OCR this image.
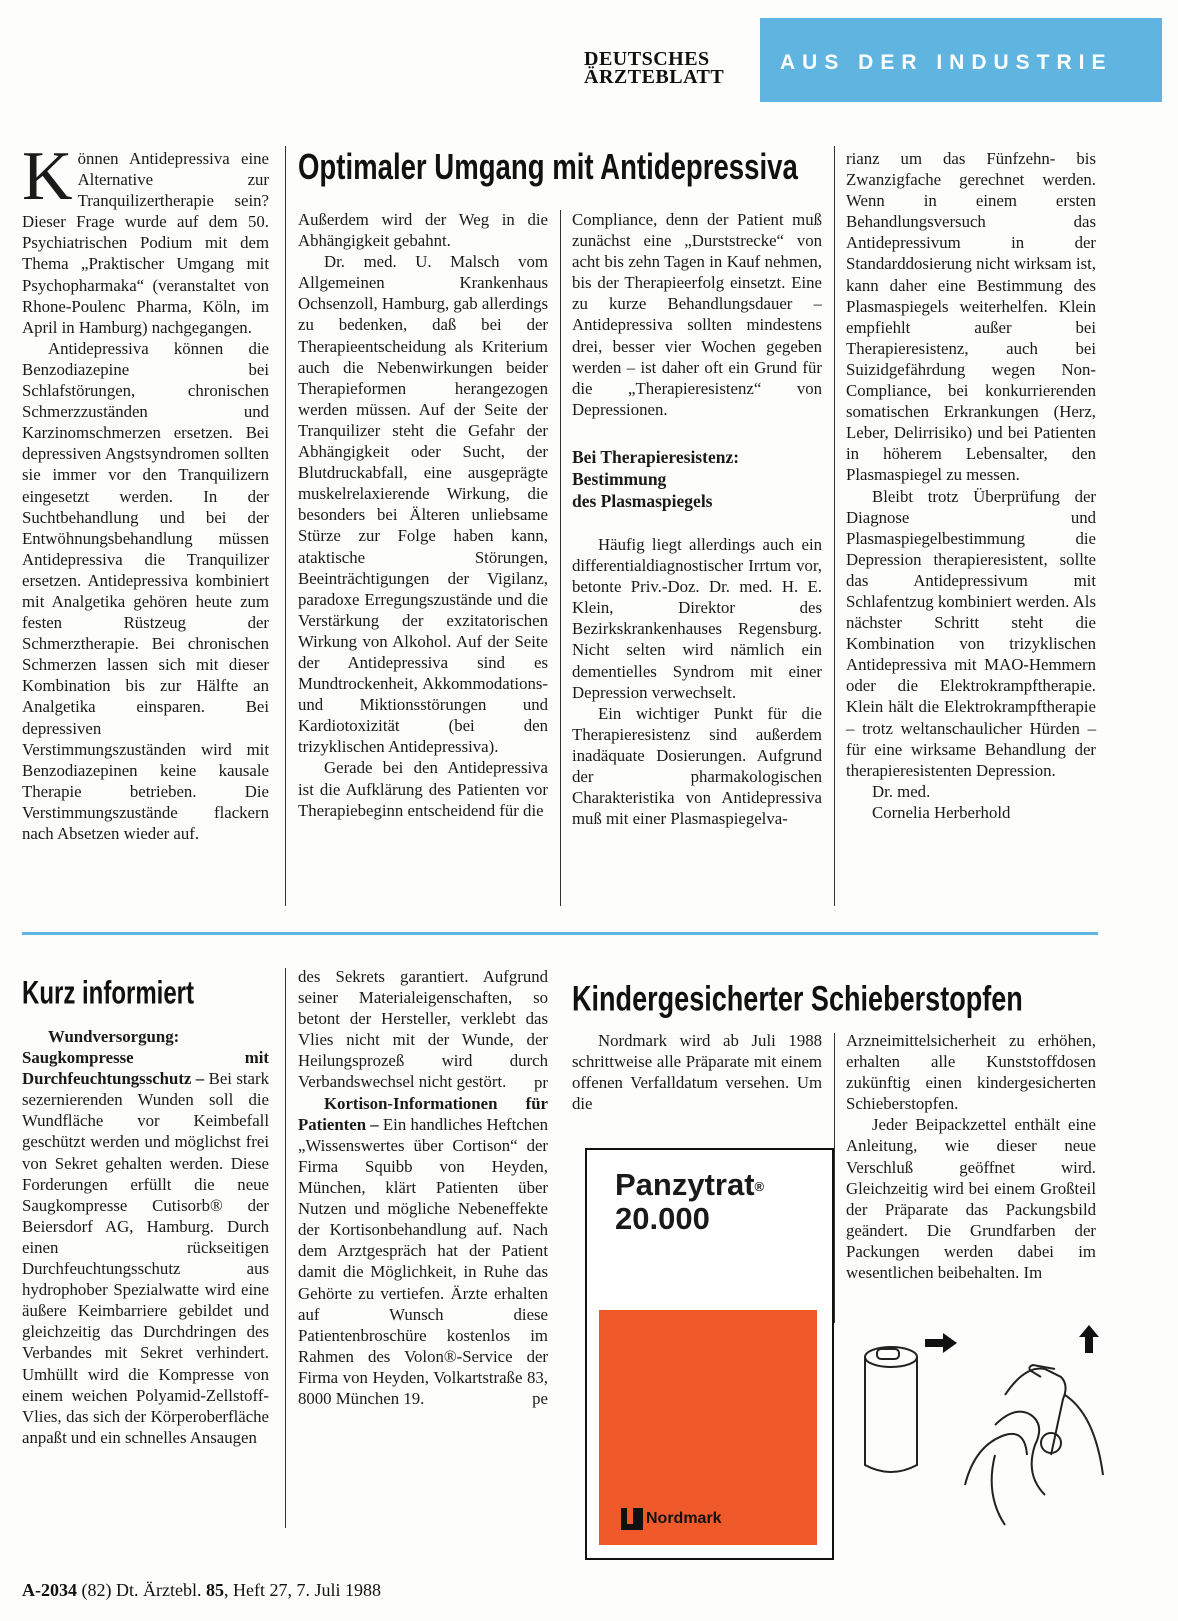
DEUTSCHES
ÄRZTEBLATT
AUS DER INDUSTRIE
Optimaler Umgang mit Antidepressiva
K önnen Antidepressiva eine Alternative zur Tranquilizertherapie sein? Dieser Frage wurde auf dem 50. Psychiatrischen Podium mit dem Thema „Praktischer Umgang mit Psychopharmaka“ (veranstaltet von Rhone-Poulenc Pharma, Köln, im April in Hamburg) nachgegangen.

Antidepressiva können die Benzodiazepine bei Schlafstörungen, chronischen Schmerzzuständen und Karzinomschmerzen ersetzen. Bei depressiven Angstsyndromen sollten sie immer vor den Tranquilizern eingesetzt werden. In der Suchtbehandlung und bei der Entwöhnungsbehandlung müssen Antidepressiva die Tranquilizer ersetzen. Antidepressiva kombiniert mit Analgetika gehören heute zum festen Rüstzeug der Schmerztherapie. Bei chronischen Schmerzen lassen sich mit dieser Kombination bis zur Hälfte an Analgetika einsparen. Bei depressiven Verstimmungszuständen wird mit Benzodiazepinen keine kausale Therapie betrieben. Die Verstimmungszustände flackern nach Absetzen wieder auf.

Außerdem wird der Weg in die Abhängigkeit gebahnt.

Dr. med. U. Malsch vom Allgemeinen Krankenhaus Ochsenzoll, Hamburg, gab allerdings zu bedenken, daß bei der Therapieentscheidung als Kriterium auch die Nebenwirkungen beider Therapieformen herangezogen werden müssen. Auf der Seite der Tranquilizer steht die Gefahr der Abhängigkeit oder Sucht, der Blutdruckabfall, eine ausgeprägte muskelrelaxierende Wirkung, die besonders bei Älteren unliebsame Stürze zur Folge haben kann, ataktische Störungen, Beeinträchtigungen der Vigilanz, paradoxe Erregungszustände und die Verstärkung der exzitatorischen Wirkung von Alkohol. Auf der Seite der Antidepressiva sind es Mundtrockenheit, Akkommodations- und Miktionsstörungen und Kardiotoxizität (bei den trizyklischen Antidepressiva).

Gerade bei den Antidepressiva ist die Aufklärung des Patienten vor Therapiebeginn entscheidend für die

Compliance, denn der Patient muß zunächst eine „Durststrecke“ von acht bis zehn Tagen in Kauf nehmen, bis der Therapieerfolg einsetzt. Eine zu kurze Behandlungsdauer – Antidepressiva sollten mindestens drei, besser vier Wochen gegeben werden – ist daher oft ein Grund für die „Therapieresistenz“ von Depressionen.

Bei Therapieresistenz:
Bestimmung
des Plasmaspiegels

Häufig liegt allerdings auch ein differentialdiagnostischer Irrtum vor, betonte Priv.-Doz. Dr. med. H. E. Klein, Direktor des Bezirkskrankenhauses Regensburg. Nicht selten wird nämlich ein dementielles Syndrom mit einer Depression verwechselt.

Ein wichtiger Punkt für die Therapieresistenz sind außerdem inadäquate Dosierungen. Aufgrund der pharmakologischen Charakteristika von Antidepressiva muß mit einer Plasmaspiegelva-

rianz um das Fünfzehn- bis Zwanzigfache gerechnet werden. Wenn in einem ersten Behandlungsversuch das Antidepressivum in der Standarddosierung nicht wirksam ist, kann daher eine Bestimmung des Plasmaspiegels weiterhelfen. Klein empfiehlt außer bei Therapieresistenz, auch bei Suizidgefährdung wegen Non-Compliance, bei konkurrierenden somatischen Erkrankungen (Herz, Leber, Delirrisiko) und bei Patienten in höherem Lebensalter, den Plasmaspiegel zu messen.

Bleibt trotz Überprüfung der Diagnose und Plasmaspiegelbestimmung die Depression therapieresistent, sollte das Antidepressivum mit Schlafentzug kombiniert werden. Als nächster Schritt steht die Kombination von trizyklischen Antidepressiva mit MAO-Hemmern oder die Elektrokrampftherapie. Klein hält die Elektrokrampftherapie – trotz weltanschaulicher Hürden – für eine wirksame Behandlung der therapieresistenten Depression.

Dr. med.

Cornelia Herberhold

Kurz informiert

Wundversorgung: Saugkompresse mit Durchfeuchtungsschutz – Bei stark sezernierenden Wunden soll die Wundfläche vor Keimbefall geschützt werden und möglichst frei von Sekret gehalten werden. Diese Forderungen erfüllt die neue Saugkompresse Cutisorb® der Beiersdorf AG, Hamburg. Durch einen rückseitigen Durchfeuchtungsschutz aus hydrophober Spezialwatte wird eine äußere Keimbarriere gebildet und gleichzeitig das Durchdringen des Verbandes mit Sekret verhindert. Umhüllt wird die Kompresse von einem weichen Polyamid-Zellstoff-Vlies, das sich der Körperoberfläche anpaßt und ein schnelles Ansaugen

des Sekrets garantiert. Aufgrund seiner Materialeigenschaften, so betont der Hersteller, verklebt das Vlies nicht mit der Wunde, der Heilungsprozeß wird durch Verbandswechsel nicht gestört.	pr

Kortison-Informationen für Patienten – Ein handliches Heftchen „Wissenswertes über Cortison“ der Firma Squibb von Heyden, München, klärt Patienten über Nutzen und mögliche Nebeneffekte der Kortisonbehandlung auf. Nach dem Arztgespräch hat der Patient damit die Möglichkeit, in Ruhe das Gehörte zu vertiefen. Ärzte erhalten auf Wunsch diese Patientenbroschüre kostenlos im Rahmen des Volon®-Service der Firma von Heyden, Volkartstraße 83, 8000 München 19.	pe

Kindergesicherter Schieberstopfen

Nordmark wird ab Juli 1988 schrittweise alle Präparate mit einem offenen Verfalldatum versehen. Um die

Arzneimittelsicherheit zu erhöhen, erhalten alle Kunststoffdosen zukünftig einen kindergesicherten Schieberstopfen.

Jeder Beipackzettel enthält eine Anleitung, wie dieser neue Verschluß geöffnet wird. Gleichzeitig wird bei einem Großteil der Präparate das Packungsbild geändert. Die Grundfarben der Packungen werden dabei im wesentlichen beibehalten. Im

Panzytrat®
20.000
Nordmark
A-2034 (82) Dt. Ärztebl. 85, Heft 27, 7. Juli 1988
